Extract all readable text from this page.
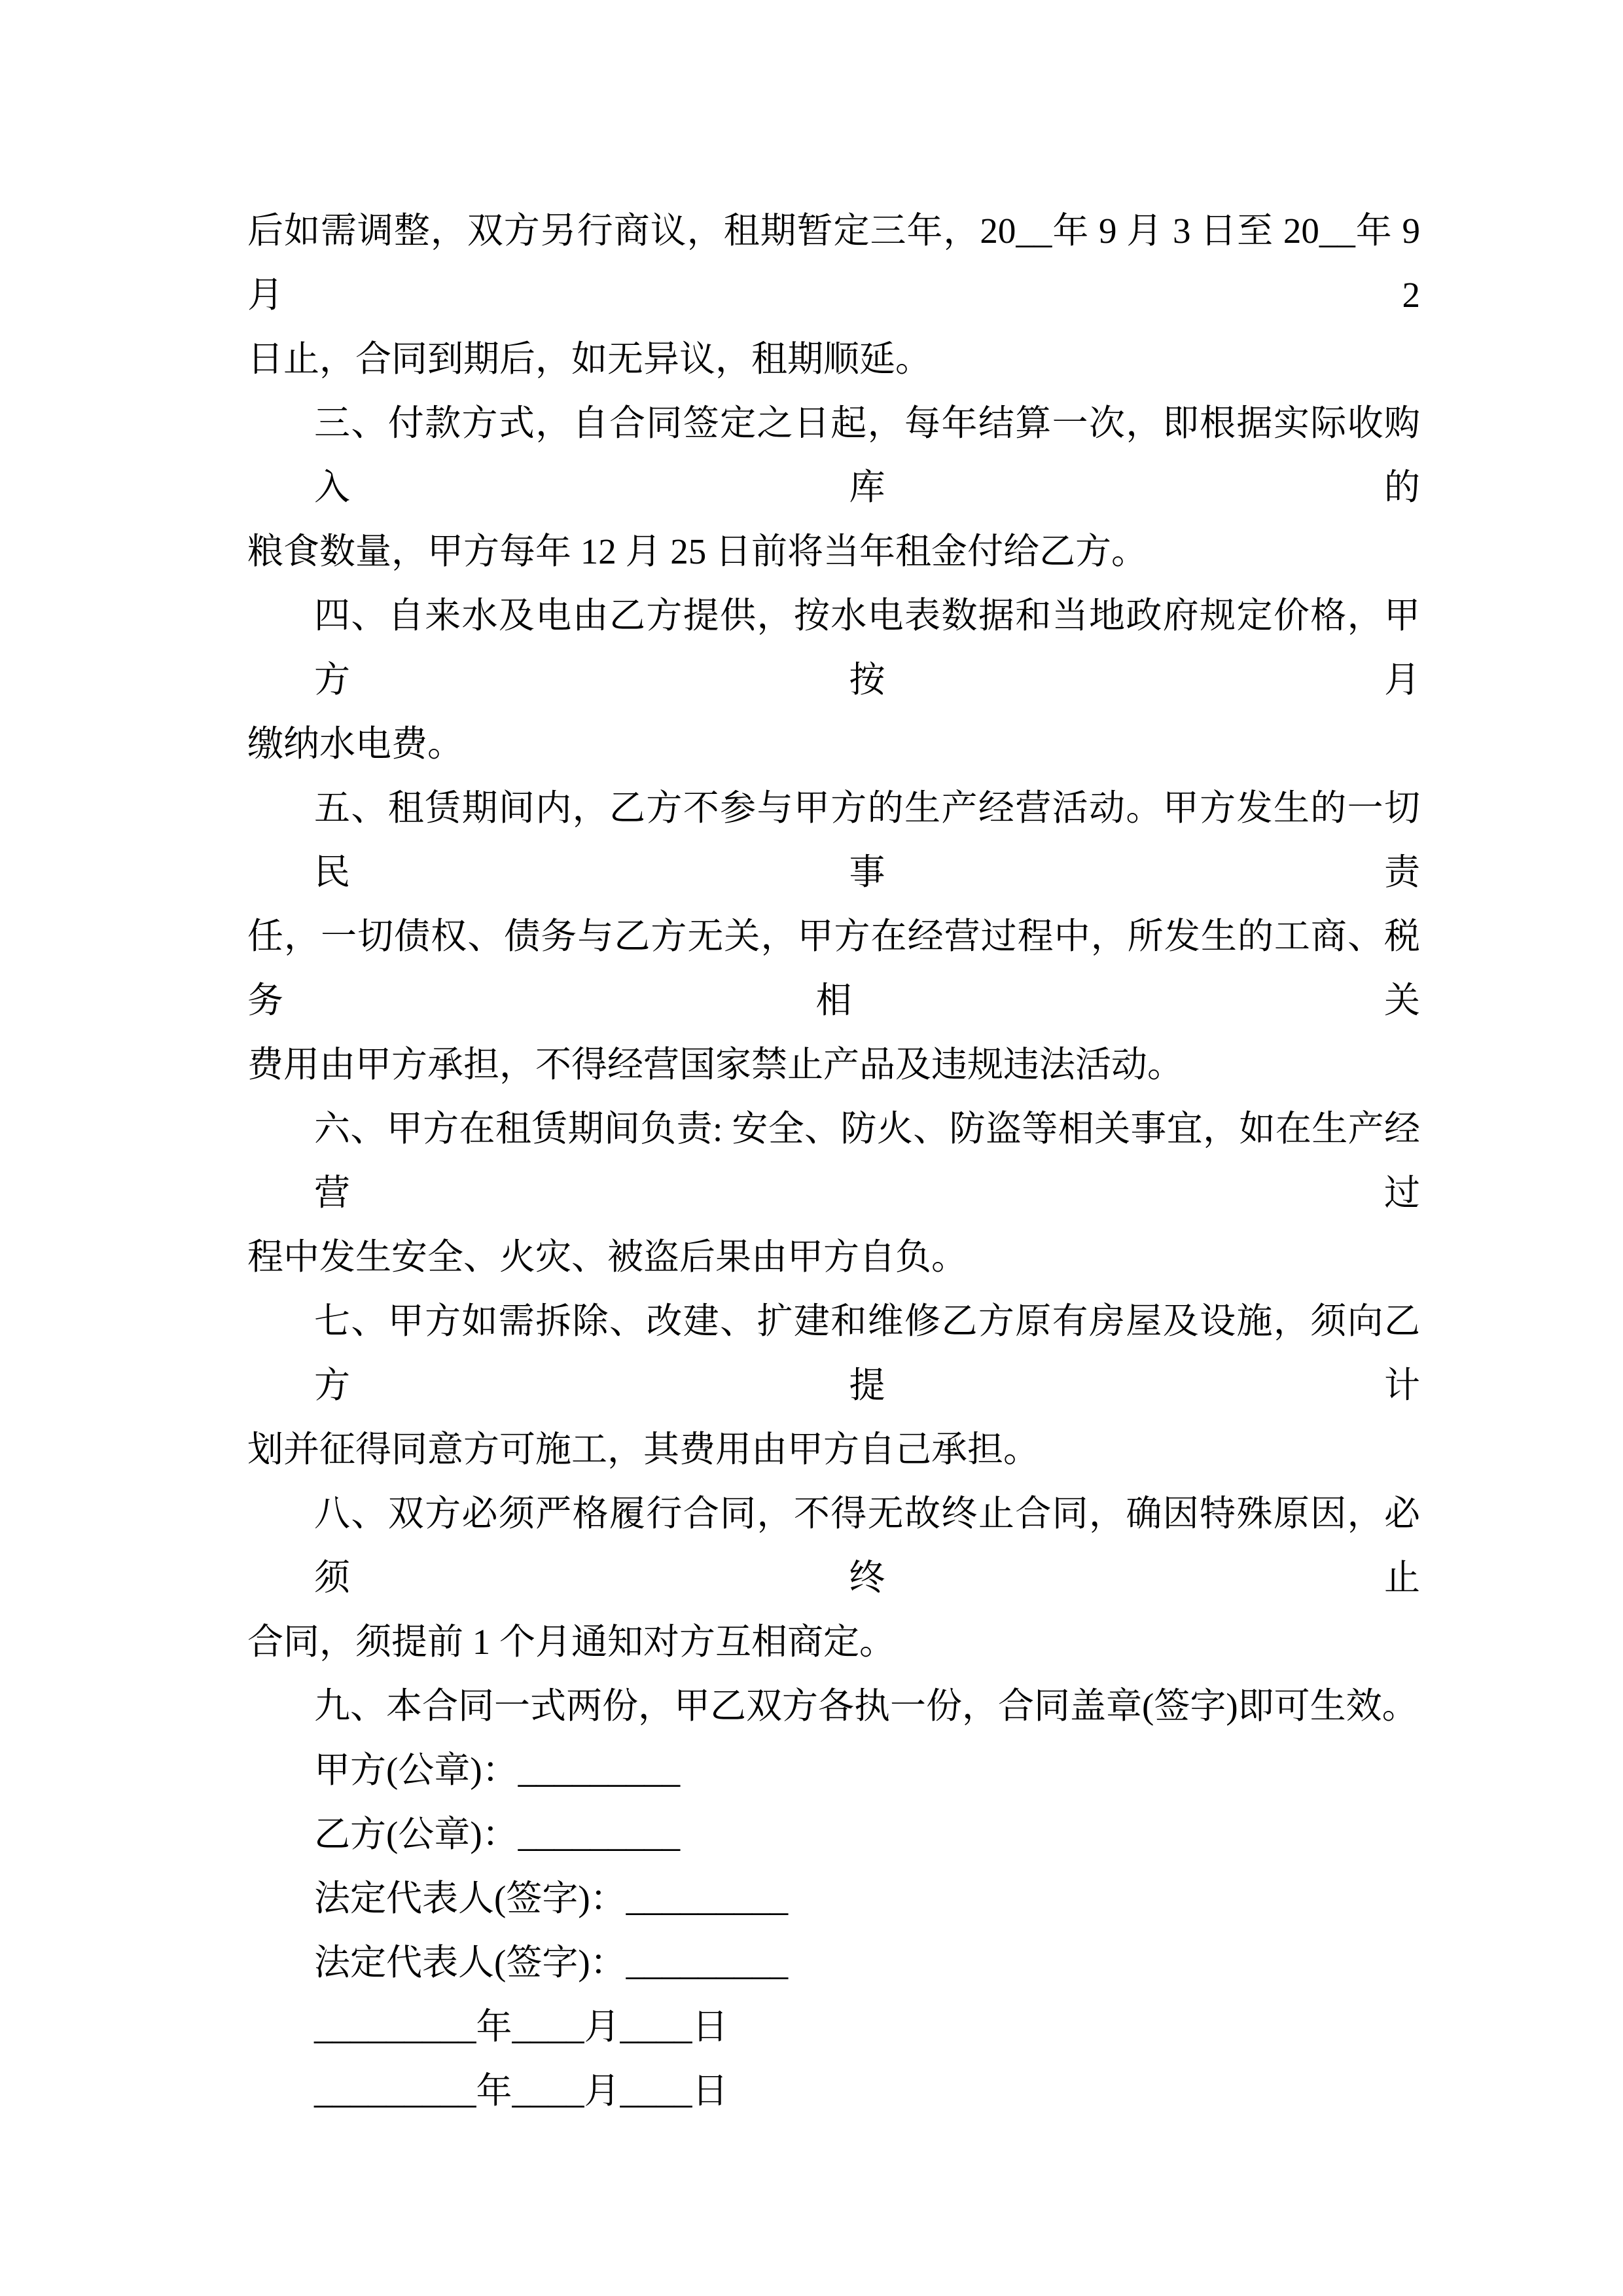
后如需调整，双方另行商议，租期暂定三年，20__年 9 月 3 日至 20__年 9 月 2
日止，合同到期后，如无异议，租期顺延。
三、付款方式，自合同签定之日起，每年结算一次，即根据实际收购入库的
粮食数量，甲方每年 12 月 25 日前将当年租金付给乙方。
四、自来水及电由乙方提供，按水电表数据和当地政府规定价格，甲方按月
缴纳水电费。
五、租赁期间内，乙方不参与甲方的生产经营活动。甲方发生的一切民事责
任，一切债权、债务与乙方无关，甲方在经营过程中，所发生的工商、税务相关
费用由甲方承担，不得经营国家禁止产品及违规违法活动。
六、甲方在租赁期间负责: 安全、防火、防盗等相关事宜，如在生产经营过
程中发生安全、火灾、被盗后果由甲方自负。
七、甲方如需拆除、改建、扩建和维修乙方原有房屋及设施，须向乙方提计
划并征得同意方可施工，其费用由甲方自己承担。
八、双方必须严格履行合同，不得无故终止合同，确因特殊原因，必须终止
合同，须提前 1 个月通知对方互相商定。
九、本合同一式两份，甲乙双方各执一份，合同盖章(签字)即可生效。
甲方(公章)：_________
乙方(公章)：_________
法定代表人(签字)：_________
法定代表人(签字)：_________
_________年____月____日
_________年____月____日
